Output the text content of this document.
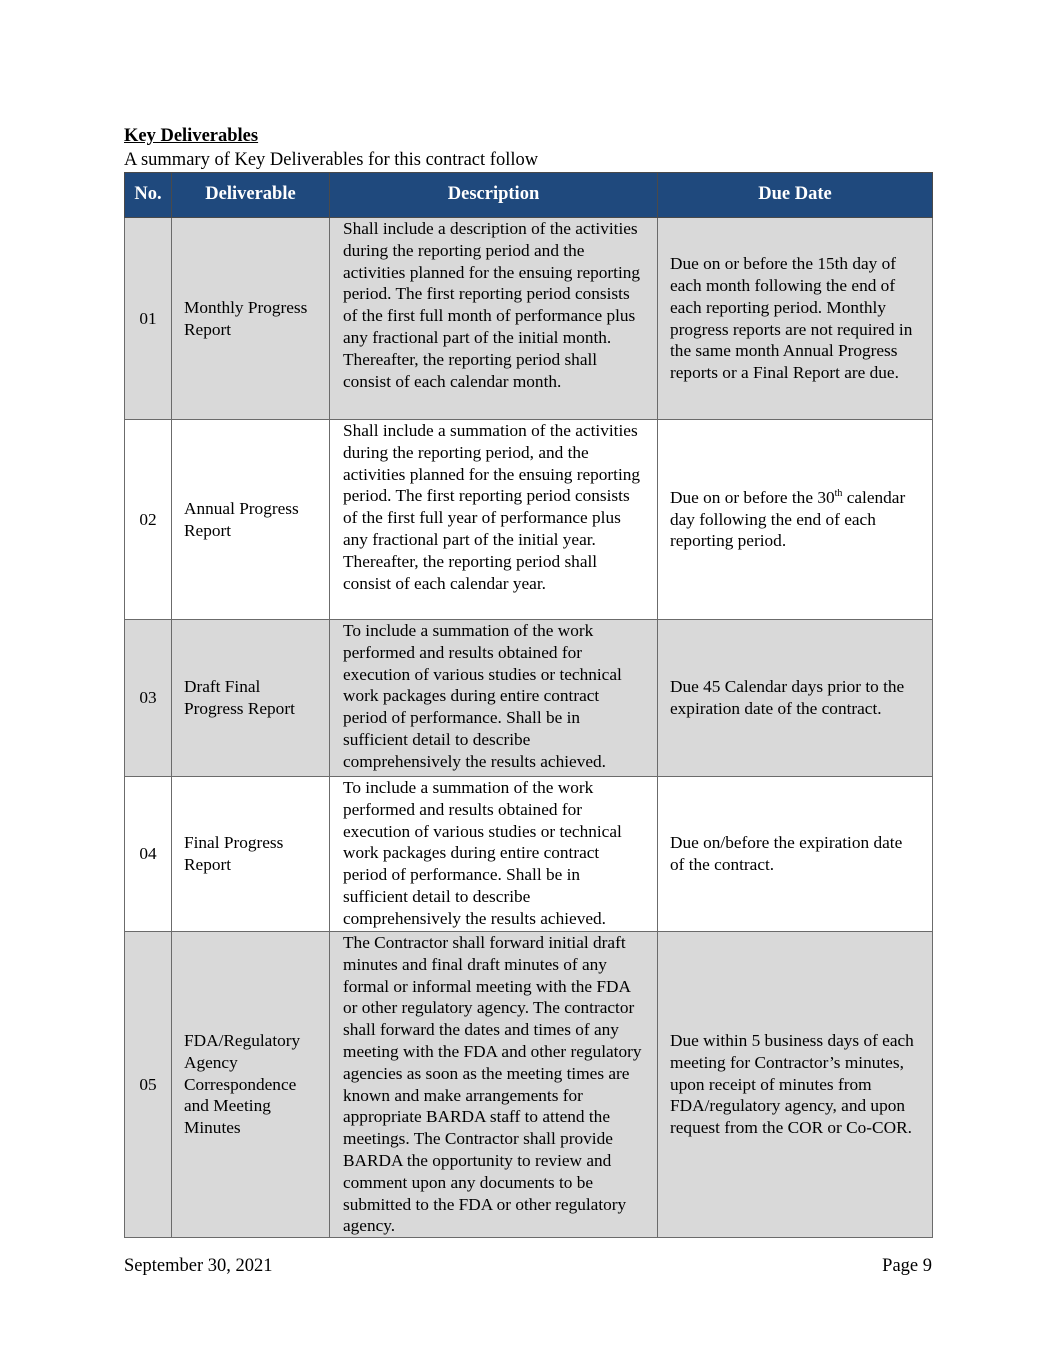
Key Deliverables
A summary of Key Deliverables for this contract follow
No.	Deliverable	Description	Due Date
01	Monthly Progress Report	Shall include a description of the activities during the reporting period and the activities planned for the ensuing reporting period. The first reporting period consists of the first full month of performance plus any fractional part of the initial month. Thereafter, the reporting period shall consist of each calendar month.	Due on or before the 15th day of each month following the end of each reporting period. Monthly progress reports are not required in the same month Annual Progress reports or a Final Report are due.
02	Annual Progress Report	Shall include a summation of the activities during the reporting period, and the activities planned for the ensuing reporting period. The first reporting period consists of the first full year of performance plus any fractional part of the initial year. Thereafter, the reporting period shall consist of each calendar year.	Due on or before the 30th calendar day following the end of each reporting period.
03	Draft Final Progress Report	To include a summation of the work performed and results obtained for execution of various studies or technical work packages during entire contract period of performance. Shall be in sufficient detail to describe comprehensively the results achieved.	Due 45 Calendar days prior to the expiration date of the contract.
04	Final Progress Report	To include a summation of the work performed and results obtained for execution of various studies or technical work packages during entire contract period of performance. Shall be in sufficient detail to describe comprehensively the results achieved.	Due on/before the expiration date of the contract.
05	FDA/Regulatory Agency Correspondence and Meeting Minutes	The Contractor shall forward initial draft minutes and final draft minutes of any formal or informal meeting with the FDA or other regulatory agency. The contractor shall forward the dates and times of any meeting with the FDA and other regulatory agencies as soon as the meeting times are known and make arrangements for appropriate BARDA staff to attend the meetings. The Contractor shall provide BARDA the opportunity to review and comment upon any documents to be submitted to the FDA or other regulatory agency.	Due within 5 business days of each meeting for Contractor’s minutes, upon receipt of minutes from FDA/regulatory agency, and upon request from the COR or Co-COR.
September 30, 2021	Page 9
